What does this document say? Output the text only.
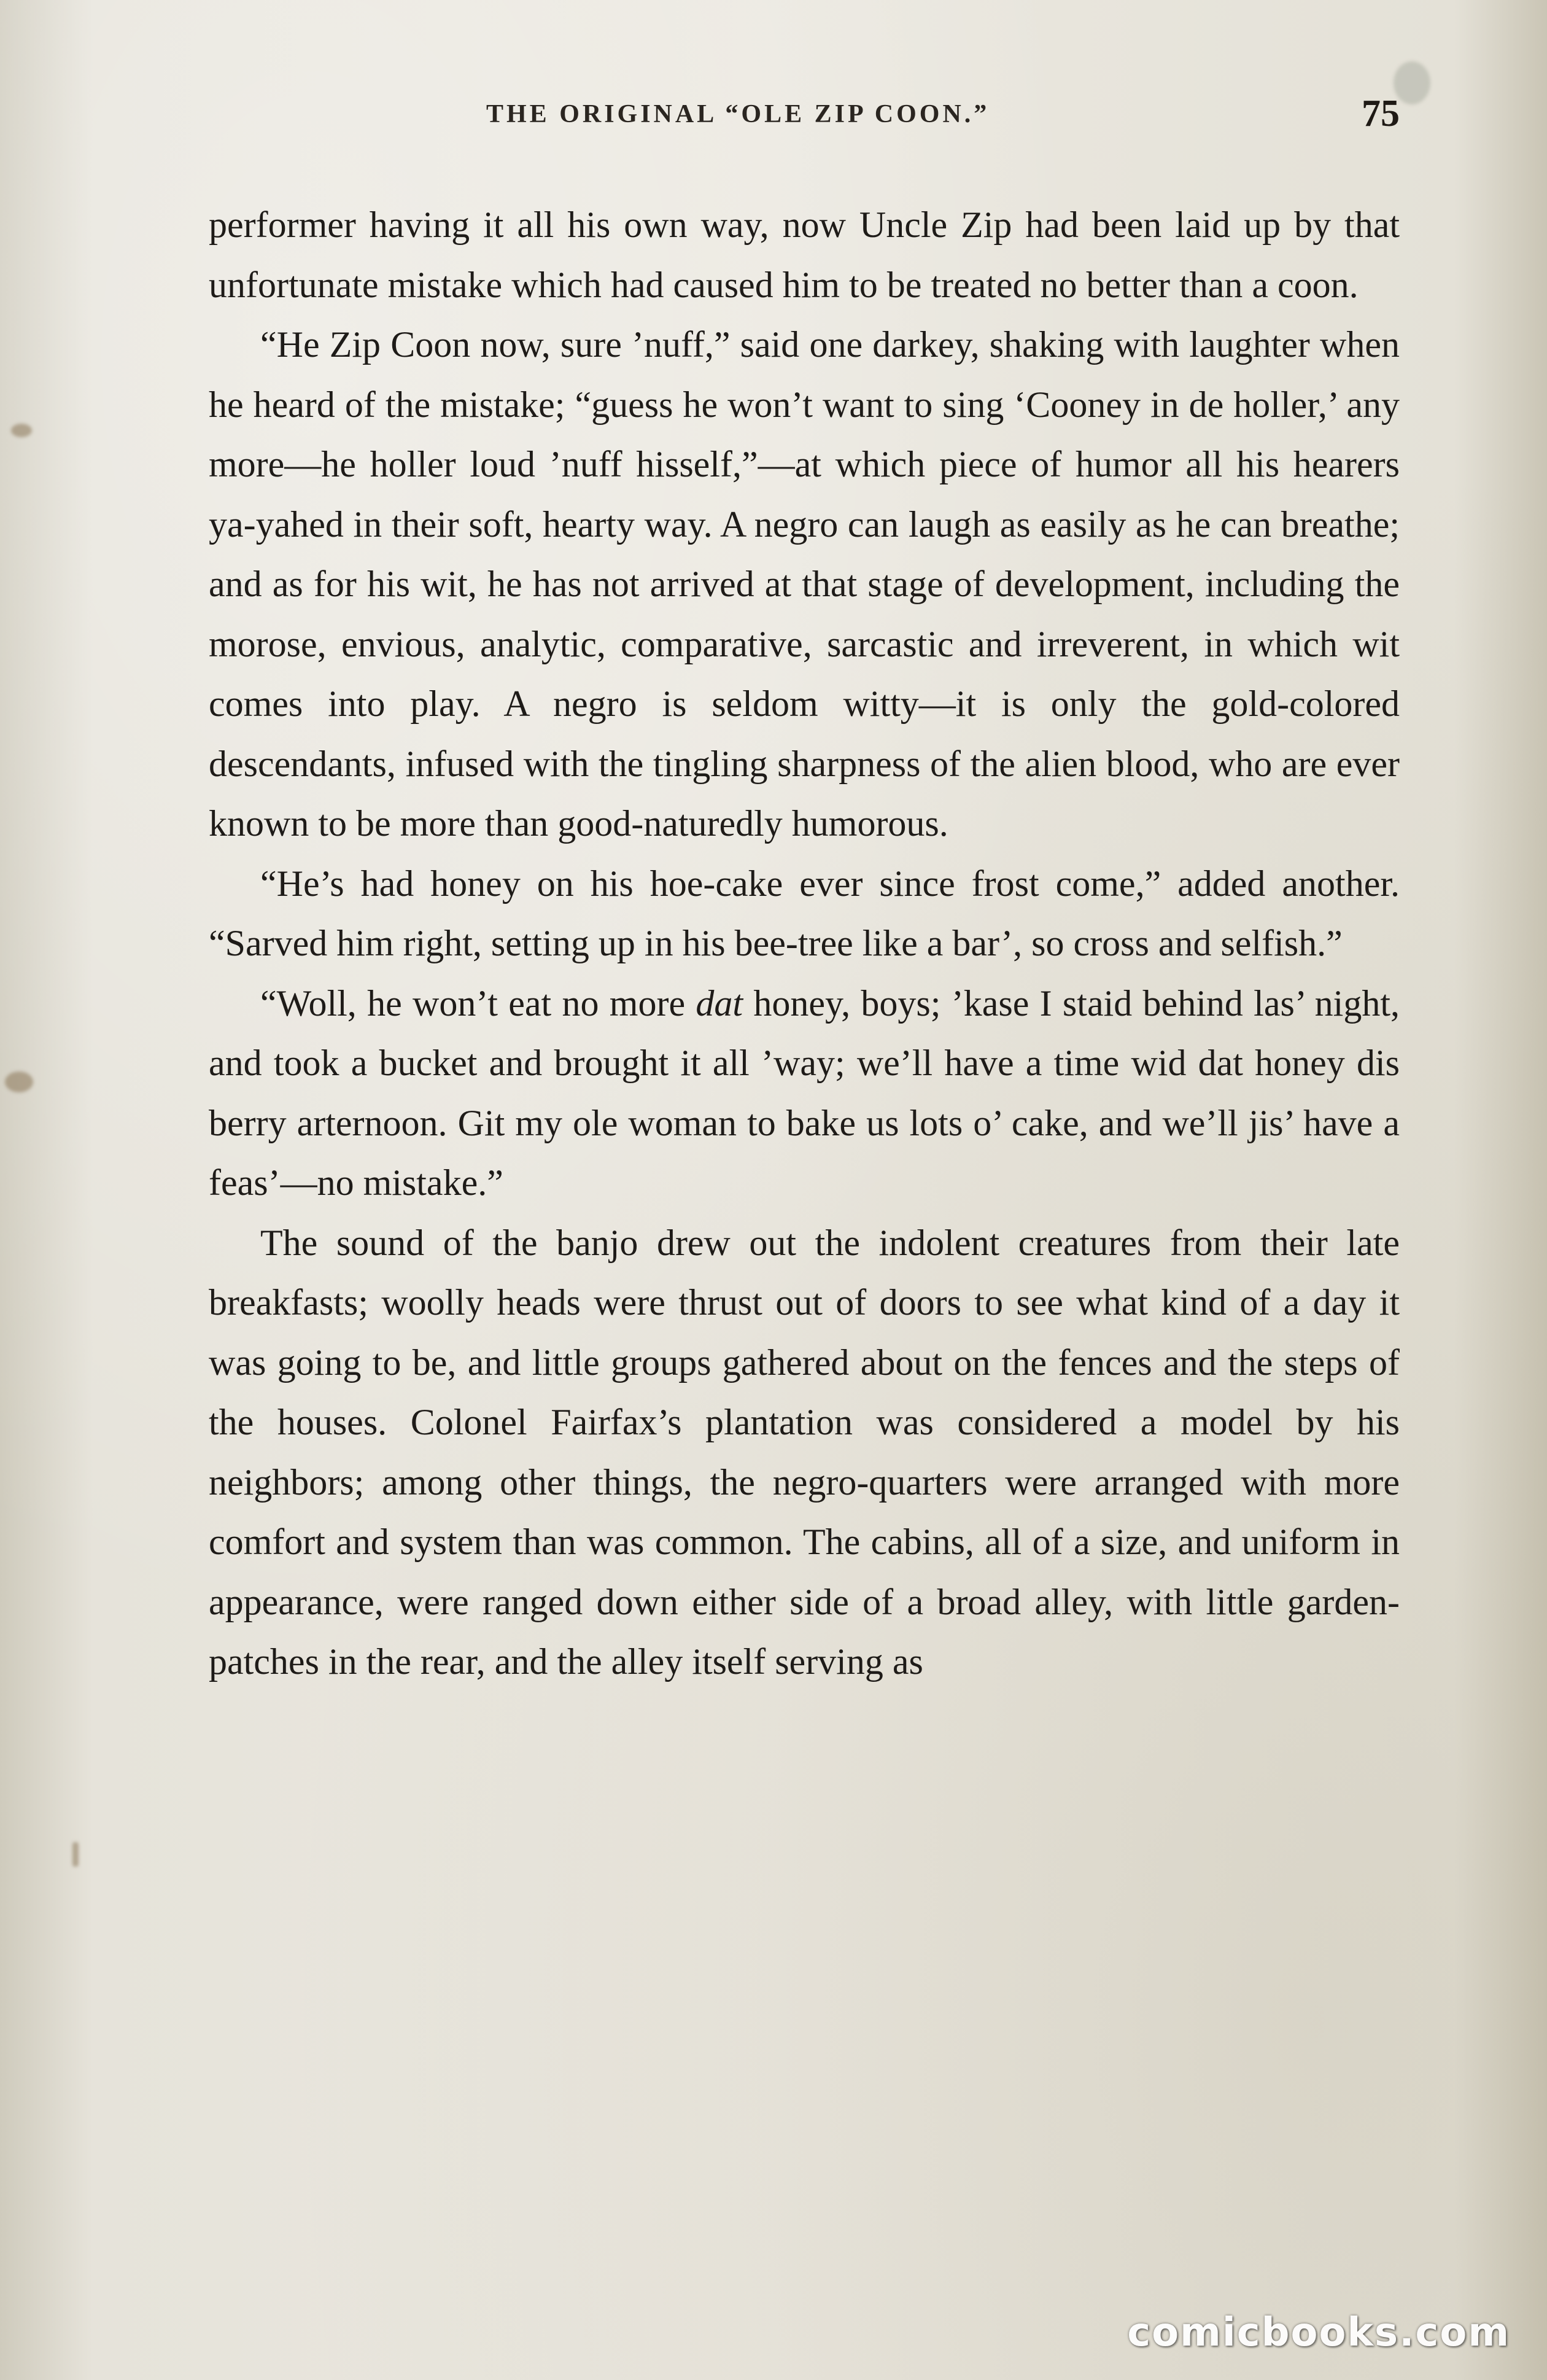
THE ORIGINAL “OLE ZIP COON.”	75

performer having it all his own way, now Uncle Zip had been laid up by that unfortunate mistake which had caused him to be treated no better than a coon.

“He Zip Coon now, sure ’nuff,” said one darkey, shaking with laughter when he heard of the mistake; “guess he won’t want to sing ‘Cooney in de holler,’ any more—he holler loud ’nuff hisself,”—at which piece of humor all his hearers ya-yahed in their soft, hearty way. A negro can laugh as easily as he can breathe; and as for his wit, he has not arrived at that stage of development, including the morose, envious, analytic, comparative, sarcastic and irreverent, in which wit comes into play. A negro is seldom witty—it is only the gold-colored descendants, infused with the tingling sharpness of the alien blood, who are ever known to be more than good-naturedly humorous.

“He’s had honey on his hoe-cake ever since frost come,” added another. “Sarved him right, setting up in his bee-tree like a bar’, so cross and selfish.”

“Woll, he won’t eat no more dat honey, boys; ’kase I staid behind las’ night, and took a bucket and brought it all ’way; we’ll have a time wid dat honey dis berry arternoon. Git my ole woman to bake us lots o’ cake, and we’ll jis’ have a feas’—no mistake.”

The sound of the banjo drew out the indolent creatures from their late breakfasts; woolly heads were thrust out of doors to see what kind of a day it was going to be, and little groups gathered about on the fences and the steps of the houses. Colonel Fairfax’s plantation was considered a model by his neighbors; among other things, the negro-quarters were arranged with more comfort and system than was common. The cabins, all of a size, and uniform in appearance, were ranged down either side of a broad alley, with little garden-patches in the rear, and the alley itself serving as

comicbooks.com
